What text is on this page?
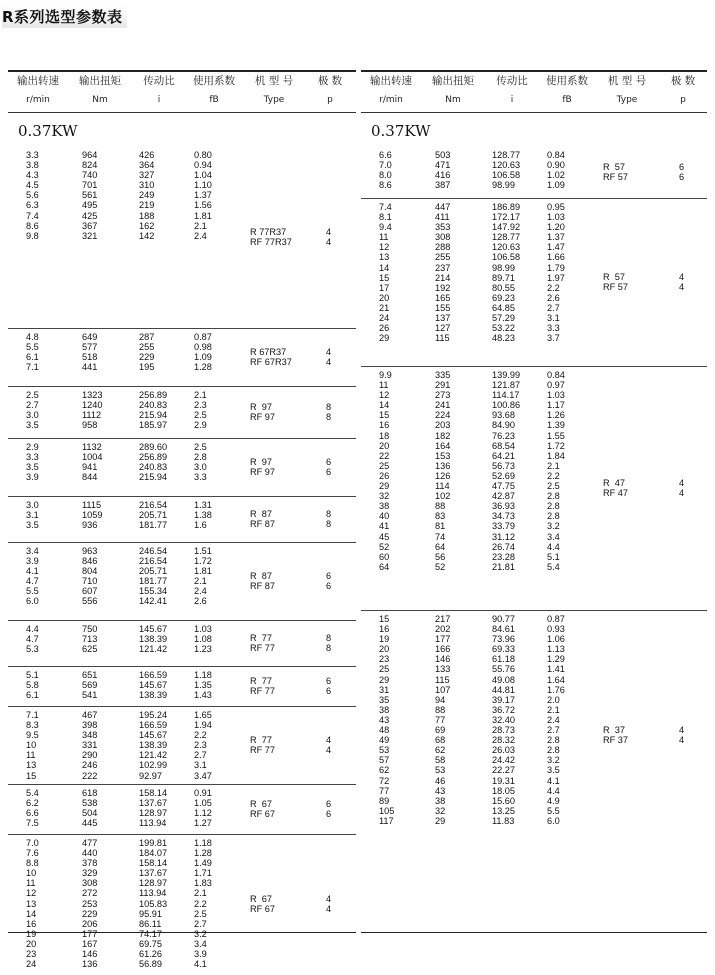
R系列选型参数表
输出转速
r/min
输出扭矩
Nm
传动比
i
使用系数
fB
机 型 号
Type
极 数
p
0.37KW
3.3
3.8
4.3
4.5
5.6
6.3
7.4
8.6
9.8
964
824
740
701
561
495
425
367
321
426
364
327
310
249
219
188
162
142
0.80
0.94
1.04
1.10
1.37
1.56
1.81
2.1
2.4	R 77R37
RF 77R37
4
4
4.8
5.5
6.1
7.1
649
577
518
441
287
255
229
195
0.87
0.98
1.09
1.28
R 67R37
RF 67R37
4
4
2.5
2.7
3.0
3.5
1323
1240
1112
958
256.89
240.83
215.94
185.97
2.1
2.3
2.5
2.9
R  97
RF 97
8
8
2.9
3.3
3.5
3.9
1132
1004
941
844
289.60
256.89
240.83
215.94
2.5
2.8
3.0
3.3
R  97
RF 97
6
6
3.0
3.1
3.5
1115
1059
936
216.54
205.71
181.77
1.31
1.38
1.6
R  87
RF 87
8
8
3.4
3.9
4.1
4.7
5.5
6.0
963
846
804
710
607
556
246.54
216.54
205.71
181.77
155.34
142.41
1.51
1.72
1.81
2.1
2.4
2.6
R  87
RF 87
6
6
4.4
4.7
5.3
750
713
625
145.67
138.39
121.42
1.03
1.08
1.23
R  77
RF 77
8
8
5.1
5.8
6.1
651
569
541
166.59
145.67
138.39
1.18
1.35
1.43
R  77
RF 77
6
6
7.1
8.3
9.5
10
11
13
15
467
398
348
331
290
246
222
195.24
166.59
145.67
138.39
121.42
102.99
92.97
1.65
1.94
2.2
2.3
2.7
3.1
3.47
R  77
RF 77
4
4
5.4
6.2
6.6
7.5
618
538
504
445
158.14
137.67
128.97
113.94
0.91
1.05
1.12
1.27
R  67
RF 67
6
6
7.0
7.6
8.8
10
11
12
13
14
16
19
20
23
24
477
440
378
329
308
272
253
229
206
177
167
146
136
199.81
184.07
158.14
137.67
128.97
113.94
105.83
95.91
86.11
74.17
69.75
61.26
56.89
1.18
1.28
1.49
1.71
1.83
2.1
2.2
2.5
2.7
3.2
3.4
3.9
4.1
R  67
RF 67
4
4
输出转速
r/min
输出扭矩
Nm
传动比
i
使用系数
fB
机 型 号
Type
极 数
p
0.37KW
6.6
7.0
8.0
8.6
503
471
416
387
128.77
120.63
106.58
98.99
0.84
0.90
1.02
1.09
R  57
RF 57
6
6
7.4
8.1
9.4
11
12
13
14
15
17
20
21
24
26
29
447
411
353
308
288
255
237
214
192
165
155
137
127
115
186.89
172.17
147.92
128.77
120.63
106.58
98.99
89.71
80.55
69.23
64.85
57.29
53.22
48.23
0.95
1.03
1.20
1.37
1.47
1.66
1.79
1.97
2.2
2.6
2.7
3.1
3.3
3.7
R  57
RF 57
4
4
9.9
11
12
14
15
16
18
20
22
25
26
29
32
38
40
41
45
52
60
64
335
291
273
241
224
203
182
164
153
136
126
114
102
88
83
81
74
64
56
52
139.99
121.87
114.17
100.86
93.68
84.90
76.23
68.54
64.21
56.73
52.69
47.75
42.87
36.93
34.73
33.79
31.12
26.74
23.28
21.81
0.84
0.97
1.03
1.17
1.26
1.39
1.55
1.72
1.84
2.1
2.2
2.5
2.8
2.8
2.8
3.2
3.4
4.4
5.1
5.4
R  47
RF 47
4
4
15
16
19
20
23
25
29
31
35
38
43
48
49
53
57
62
72
77
89
105
117
217
202
177
166
146
133
115
107
94
88
77
69
68
62
58
53
46
43
38
32
29
90.77
84.61
73.96
69.33
61.18
55.76
49.08
44.81
39.17
36.72
32.40
28.73
28.32
26.03
24.42
22.27
19.31
18.05
15.60
13.25
11.83
0.87
0.93
1.06
1.13
1.29
1.41
1.64
1.76
2.0
2.1
2.4
2.7
2.8
2.8
3.2
3.5
4.1
4.4
4.9
5.5
6.0
R  37
RF 37
4
4
